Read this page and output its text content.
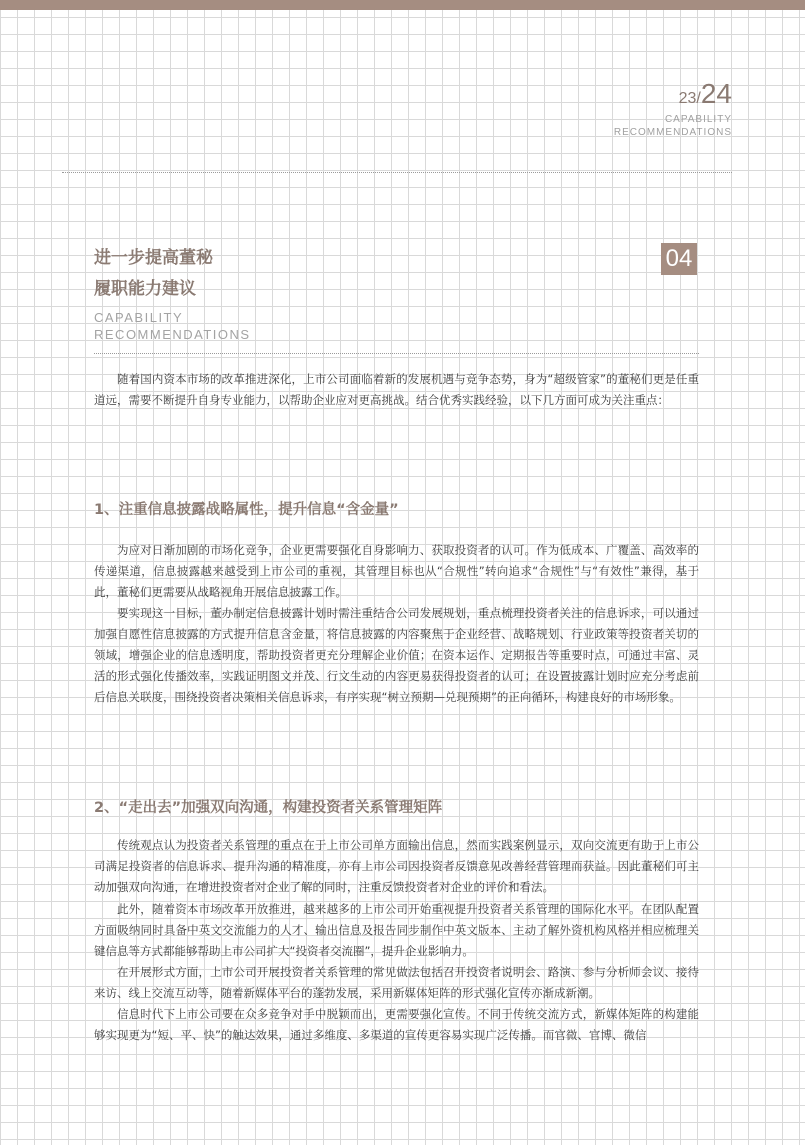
23/24
CAPABILITY
RECOMMENDATIONS
进一步提高董秘
履职能力建议
04
CAPABILITY
RECOMMENDATIONS

随着国内资本市场的改革推进深化，上市公司面临着新的发展机遇与竞争态势，身为“超级管家”的董秘们更是任重道远，需要不断提升自身专业能力，以帮助企业应对更高挑战。结合优秀实践经验，以下几方面可成为关注重点：

1、注重信息披露战略属性，提升信息“含金量”

为应对日渐加剧的市场化竞争，企业更需要强化自身影响力、获取投资者的认可。作为低成本、广覆盖、高效率的传递渠道，信息披露越来越受到上市公司的重视，其管理目标也从“合规性”转向追求“合规性”与“有效性”兼得，基于此，董秘们更需要从战略视角开展信息披露工作。

要实现这一目标，董办制定信息披露计划时需注重结合公司发展规划，重点梳理投资者关注的信息诉求，可以通过加强自愿性信息披露的方式提升信息含金量，将信息披露的内容聚焦于企业经营、战略规划、行业政策等投资者关切的领域，增强企业的信息透明度，帮助投资者更充分理解企业价值；在资本运作、定期报告等重要时点，可通过丰富、灵活的形式强化传播效率，实践证明图文并茂、行文生动的内容更易获得投资者的认可；在设置披露计划时应充分考虑前后信息关联度，围绕投资者决策相关信息诉求，有序实现“树立预期—兑现预期”的正向循环，构建良好的市场形象。

2、“走出去”加强双向沟通，构建投资者关系管理矩阵

传统观点认为投资者关系管理的重点在于上市公司单方面输出信息，然而实践案例显示，双向交流更有助于上市公司满足投资者的信息诉求、提升沟通的精准度，亦有上市公司因投资者反馈意见改善经营管理而获益。因此董秘们可主动加强双向沟通，在增进投资者对企业了解的同时，注重反馈投资者对企业的评价和看法。

此外，随着资本市场改革开放推进，越来越多的上市公司开始重视提升投资者关系管理的国际化水平。在团队配置方面吸纳同时具备中英文交流能力的人才、输出信息及报告同步制作中英文版本、主动了解外资机构风格并相应梳理关键信息等方式都能够帮助上市公司扩大“投资者交流圈”，提升企业影响力。

在开展形式方面，上市公司开展投资者关系管理的常见做法包括召开投资者说明会、路演、参与分析师会议、接待来访、线上交流互动等，随着新媒体平台的蓬勃发展，采用新媒体矩阵的形式强化宣传亦渐成新潮。

信息时代下上市公司要在众多竞争对手中脱颖而出，更需要强化宣传。不同于传统交流方式，新媒体矩阵的构建能够实现更为“短、平、快”的触达效果，通过多维度、多渠道的宣传更容易实现广泛传播。而官微、官博、微信
